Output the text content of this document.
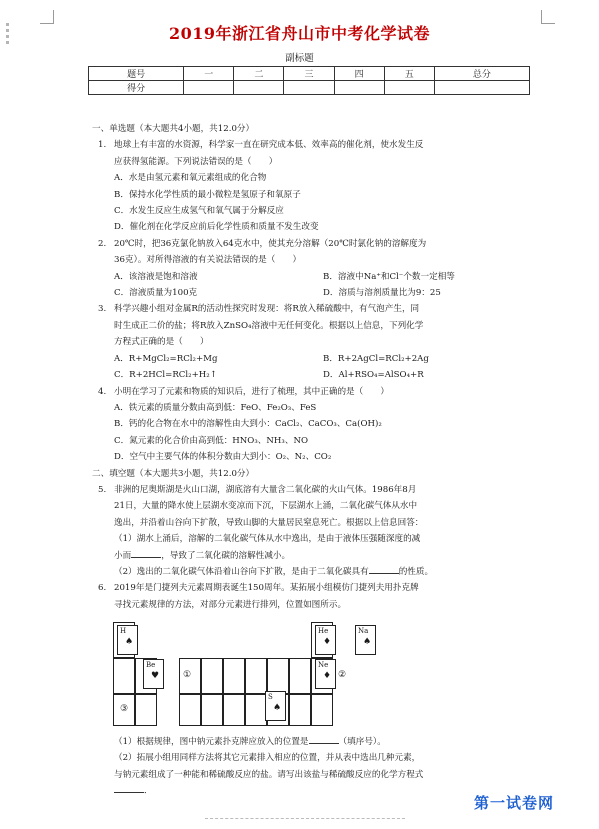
2019年浙江省舟山市中考化学试卷
副标题
题号	一	二	三	四	五	总分
得分						
一、单选题（本大题共4小题，共12.0分）
1. 地球上有丰富的水资源，科学家一直在研究成本低、效率高的催化剂，使水发生反
应获得氢能源。下列说法错误的是（　　）
A．水是由氢元素和氧元素组成的化合物
B．保持水化学性质的最小微粒是氢原子和氧原子
C．水发生反应生成氢气和氧气属于分解反应
D．催化剂在化学反应前后化学性质和质量不发生改变
2. 20℃时，把36克氯化钠放入64克水中，使其充分溶解（20℃时氯化钠的溶解度为
36克）。对所得溶液的有关说法错误的是（　　）
A．该溶液是饱和溶液	B．溶液中Na⁺和Cl⁻个数一定相等
C．溶液质量为100克	D．溶质与溶剂质量比为9：25
3. 科学兴趣小组对金属R的活动性探究时发现：将R放入稀硫酸中，有气泡产生，同
时生成正二价的盐；将R放入ZnSO₄溶液中无任何变化。根据以上信息，下列化学
方程式正确的是（　　）
A．R+MgCl₂=RCl₂+Mg	B．R+2AgCl=RCl₂+2Ag
C．R+2HCl=RCl₂+H₂↑	D．Al+RSO₄=AlSO₄+R
4. 小明在学习了元素和物质的知识后，进行了梳理，其中正确的是（　　）
A．铁元素的质量分数由高到低：FeO、Fe₂O₃、FeS
B．钙的化合物在水中的溶解性由大到小：CaCl₂、CaCO₃、Ca(OH)₂
C．氮元素的化合价由高到低：HNO₃、NH₃、NO
D．空气中主要气体的体积分数由大到小：O₂、N₂、CO₂
二、填空题（本大题共3小题，共12.0分）
5. 非洲的尼奥斯湖是火山口湖，湖底溶有大量含二氧化碳的火山气体。1986年8月
21日，大量的降水使上层湖水变凉而下沉，下层湖水上涌，二氧化碳气体从水中
逸出，并沿着山谷向下扩散，导致山脚的大量居民窒息死亡。根据以上信息回答：
（1）湖水上涌后，溶解的二氧化碳气体从水中逸出，是由于液体压强随深度的减
小而	，导致了二氧化碳的溶解性减小。
（2）逸出的二氧化碳气体沿着山谷向下扩散，是由于二氧化碳具有	的性质。
6. 2019年是门捷列夫元素周期表诞生150周年。某拓展小组模仿门捷列夫用扑克牌
寻找元素规律的方法，对部分元素进行排列，位置如图所示。
H
♠
He
♦
Na
♠
Be
♥
Ne
♦
S
♠
①	②
③
（1）根据规律，图中钠元素扑克牌应放入的位置是	（填序号）。
（2）拓展小组用同样方法将其它元素排入相应的位置，并从表中选出几种元素，
与钠元素组成了一种能和稀硫酸反应的盐。请写出该盐与稀硫酸反应的化学方程式
．
第一试卷网
